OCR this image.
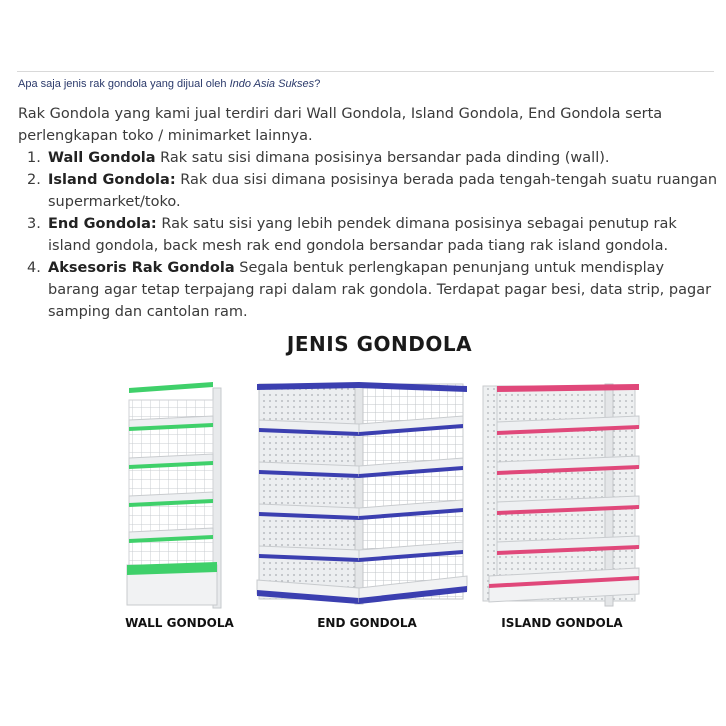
Apa saja jenis rak gondola yang dijual oleh Indo Asia Sukses?
Rak Gondola yang kami jual terdiri dari Wall Gondola, Island Gondola, End Gondola serta perlengkapan toko / minimarket lainnya.
1. Wall Gondola Rak satu sisi dimana posisinya bersandar pada dinding (wall).
2. Island Gondola: Rak dua sisi dimana posisinya berada pada tengah-tengah suatu ruangan supermarket/toko.
3. End Gondola: Rak satu sisi yang lebih pendek dimana posisinya sebagai penutup rak island gondola, back mesh rak end gondola bersandar pada tiang rak island gondola.
4. Aksesoris Rak Gondola Segala bentuk perlengkapan penunjang untuk mendisplay barang agar tetap terpajang rapi dalam rak gondola. Terdapat pagar besi, data strip, pagar samping dan cantolan ram.
JENIS GONDOLA
WALL GONDOLA	END GONDOLA	ISLAND GONDOLA
